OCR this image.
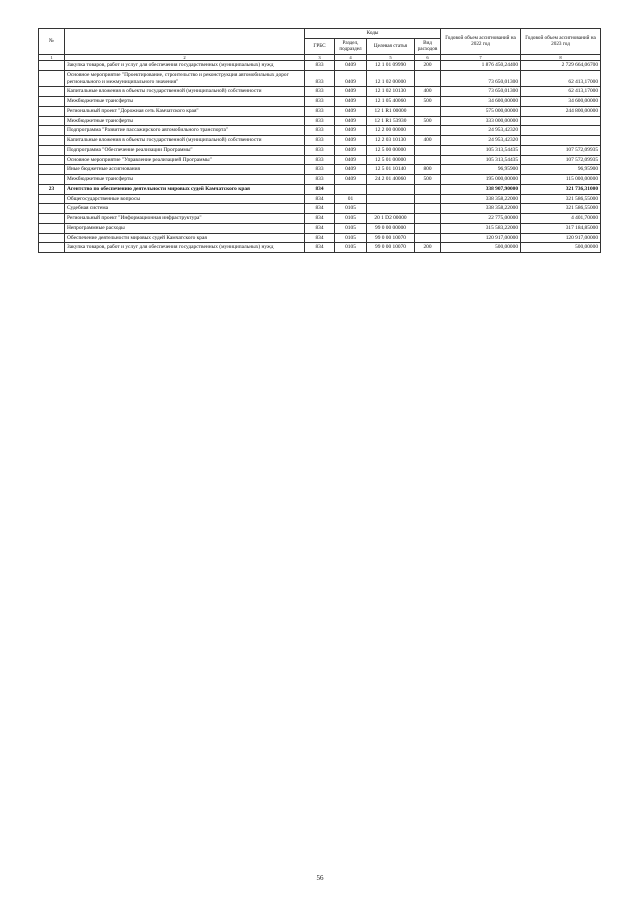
№		Коды				Годовой объем ассигнований на 2022 год	Годовой объем ассигнований на 2023 год
		ГРБС	Раздел, подраздел	Целевая статья	Вид расходов		
1	2	3	4	5	6	7	8
	Закупка товаров, работ и услуг для обеспечения государственных (муниципальных) нужд	833	0409	12 1 01 09990	200	1 876 450,24400	2 729 664,06700
	Основное мероприятие "Проектирование, строительство и реконструкция автомобильных дорог регионального и межмуниципального значения"	833	0409	12 1 02 00000		73 650,01300	62 413,17000
	Капитальные вложения в объекты государственной (муниципальной) собственности	833	0409	12 1 02 10130	400	73 650,01300	62 413,17000
	Межбюджетные трансферты	833	0409	12 1 05 40060	500	34 600,00000	34 600,00000
	Региональный проект "Дорожная сеть Камчатского края"	833	0409	12 1 R1 00000		575 000,00000	244 800,00000
	Межбюджетные трансферты	833	0409	12 1 R1 53930	500	333 000,00000	
	Подпрограмма "Развитие пассажирского автомобильного транспорта"	833	0409	12 2 00 00000		24 953,42320	
	Капитальные вложения в объекты государственной (муниципальной) собственности	833	0409	12 2 03 10130	400	24 953,42320	
	Подпрограмма "Обеспечение реализации Программы"	833	0409	12 5 00 00000		105 313,54435	107 572,09935
	Основное мероприятие "Управление реализацией Программы"	833	0409	12 5 01 00000		105 313,54435	107 572,09935
	Иные бюджетные ассигнования	833	0409	12 5 01 10140	800	96,95900	96,95900
	Межбюджетные трансферты	833	0409	24 2 01 40060	500	195 000,00000	115 000,00000
23	Агентство по обеспечению деятельности мировых судей Камчатского края	834				338 907,90000	321 736,31000
	Общегосударственные вопросы	834	01			338 358,22000	321 586,55000
	Судебная система	834	0105			338 358,22000	321 586,55000
	Региональный проект "Информационная инфраструктура"	834	0105	20 1 D2 00000		22 775,00000	4 401,70000
	Непрограммные расходы	834	0105	99 0 00 00000		315 583,22000	317 184,85000
	Обеспечение деятельности мировых судей Камчатского края	834	0105	99 0 00 10070		120 917,00000	120 917,00000
	Закупка товаров, работ и услуг для обеспечения государственных (муниципальных) нужд	834	0105	99 0 00 10070	200	500,00000	500,00000
56
